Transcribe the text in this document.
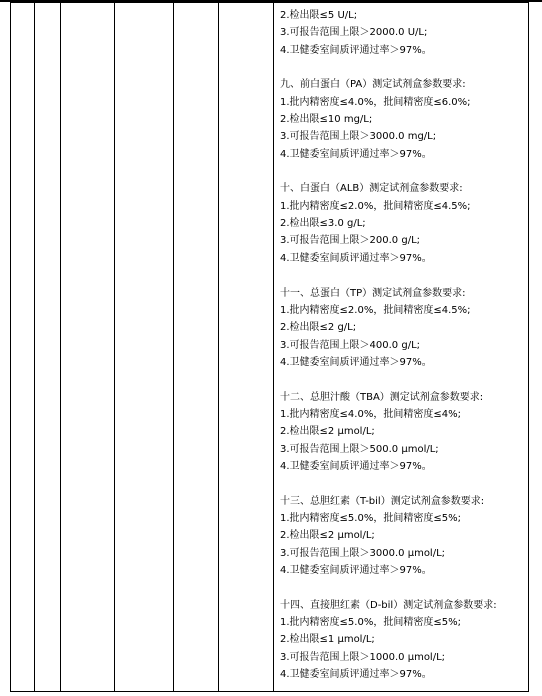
2.检出限≤5 U/L;
3.可报告范围上限＞2000.0 U/L;
4.卫健委室间质评通过率＞97%。
九、前白蛋白（PA）测定试剂盒参数要求:
1.批内精密度≤4.0%，批间精密度≤6.0%;
2.检出限≤10 mg/L;
3.可报告范围上限＞3000.0 mg/L;
4.卫健委室间质评通过率＞97%。
十、白蛋白（ALB）测定试剂盒参数要求:
1.批内精密度≤2.0%，批间精密度≤4.5%;
2.检出限≤3.0 g/L;
3.可报告范围上限＞200.0 g/L;
4.卫健委室间质评通过率＞97%。
十一、总蛋白（TP）测定试剂盒参数要求:
1.批内精密度≤2.0%，批间精密度≤4.5%;
2.检出限≤2 g/L;
3.可报告范围上限＞400.0 g/L;
4.卫健委室间质评通过率＞97%。
十二、总胆汁酸（TBA）测定试剂盒参数要求:
1.批内精密度≤4.0%，批间精密度≤4%;
2.检出限≤2 μmol/L;
3.可报告范围上限＞500.0 μmol/L;
4.卫健委室间质评通过率＞97%。
十三、总胆红素（T-bil）测定试剂盒参数要求:
1.批内精密度≤5.0%，批间精密度≤5%;
2.检出限≤2 μmol/L;
3.可报告范围上限＞3000.0 μmol/L;
4.卫健委室间质评通过率＞97%。
十四、直接胆红素（D-bil）测定试剂盒参数要求:
1.批内精密度≤5.0%，批间精密度≤5%;
2.检出限≤1 μmol/L;
3.可报告范围上限＞1000.0 μmol/L;
4.卫健委室间质评通过率＞97%。
